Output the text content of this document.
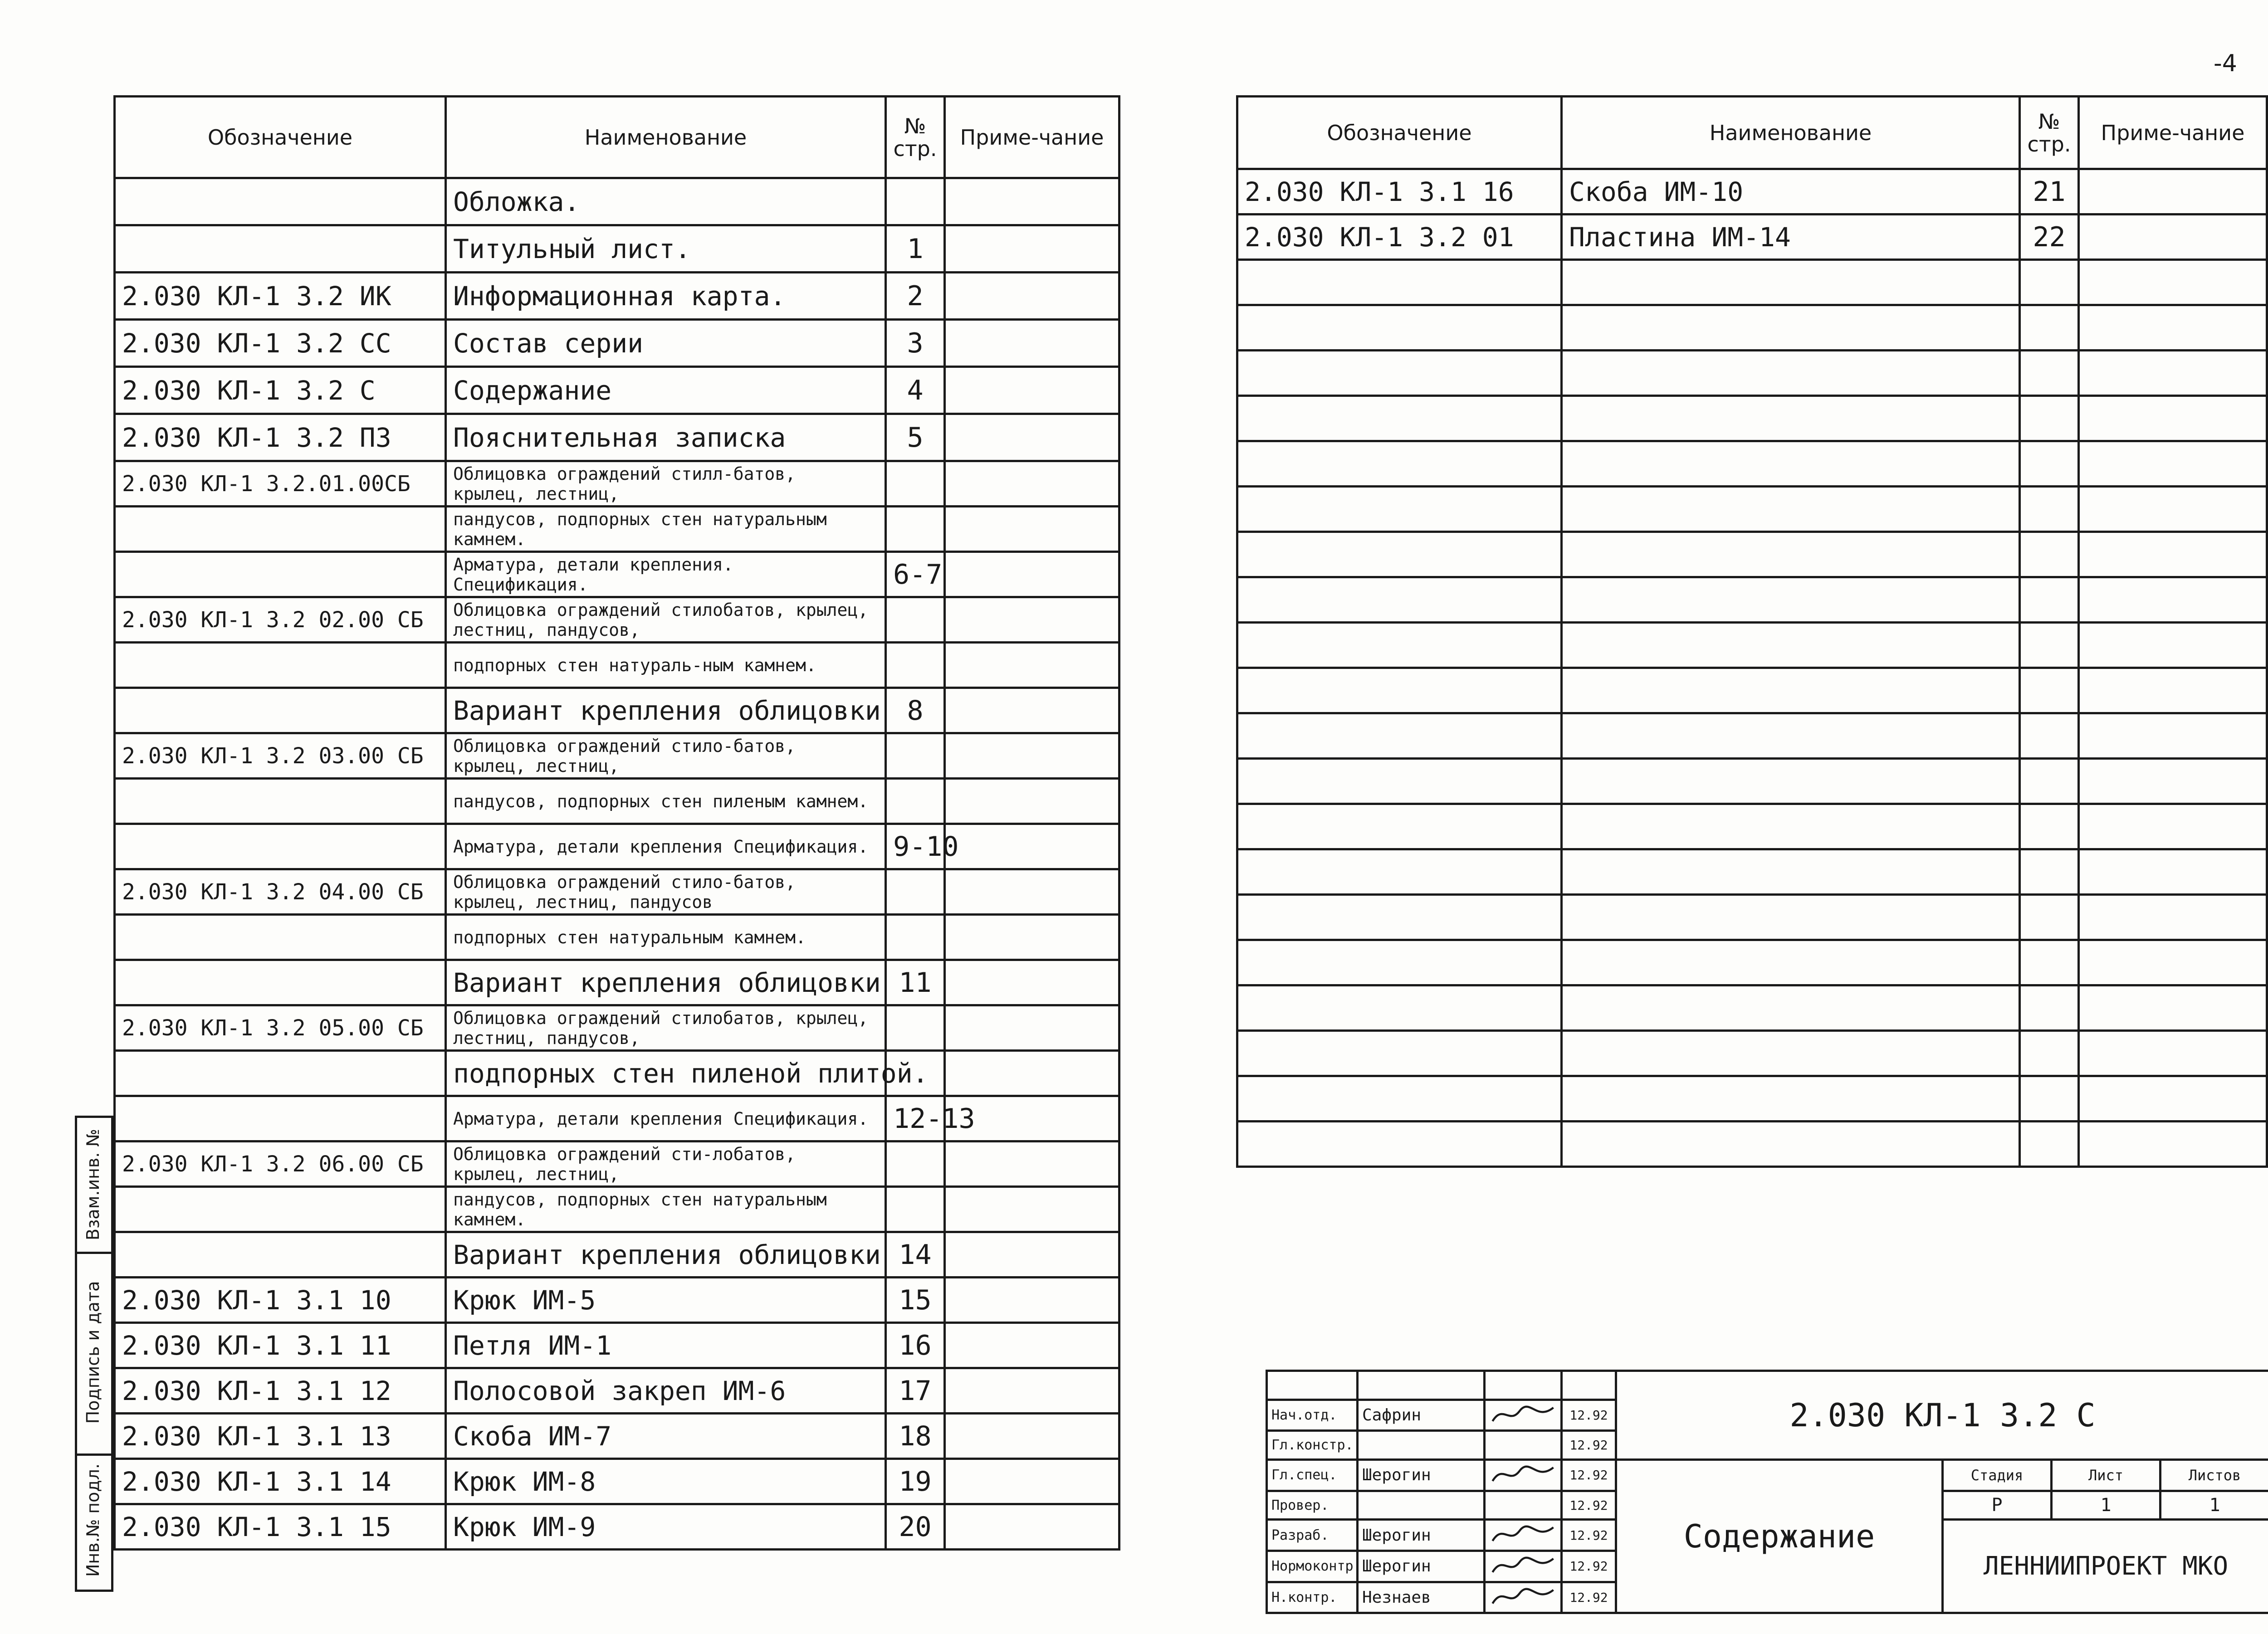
Обозначение	Наименование	№ стр.	Приме-чание
	Обложка.		
	Титульный лист.	1	
2.030 КЛ-1 3.2 ИК	Информационная карта.	2	
2.030 КЛ-1 3.2 СС	Состав серии	3	
2.030 КЛ-1 3.2 С	Содержание	4	
2.030 КЛ-1 3.2 ПЗ	Пояснительная записка	5	
2.030 КЛ-1 3.2.01.00СБ	Облицовка ограждений стилл-батов, крылец, лестниц,		
	пандусов, подпорных стен натуральным камнем.		
	Арматура, детали крепления. Спецификация.	6-7	
2.030 КЛ-1 3.2 02.00 СБ	Облицовка ограждений стилобатов, крылец, лестниц, пандусов,		
	подпорных стен натураль-ным камнем.		
	Вариант крепления облицовки	8	
2.030 КЛ-1 3.2 03.00 СБ	Облицовка ограждений стило-батов, крылец, лестниц,		
	пандусов, подпорных стен пиленым камнем.		
	Арматура, детали крепления Спецификация.	9-10	
2.030 КЛ-1 3.2 04.00 СБ	Облицовка ограждений стило-батов, крылец, лестниц, пандусов		
	подпорных стен натуральным камнем.		
	Вариант крепления облицовки	11	
2.030 КЛ-1 3.2 05.00 СБ	Облицовка ограждений стилобатов, крылец, лестниц, пандусов,		
	подпорных стен пиленой плитой.		
	Арматура, детали крепления Спецификация.	12-13	
2.030 КЛ-1 3.2 06.00 СБ	Облицовка ограждений сти-лобатов, крылец, лестниц,		
	пандусов, подпорных стен натуральным камнем.		
	Вариант крепления облицовки	14	
2.030 КЛ-1 3.1 10	Крюк ИМ-5	15	
2.030 КЛ-1 3.1 11	Петля ИМ-1	16	
2.030 КЛ-1 3.1 12	Полосовой закреп ИМ-6	17	
2.030 КЛ-1 3.1 13	Скоба ИМ-7	18	
2.030 КЛ-1 3.1 14	Крюк ИМ-8	19	
2.030 КЛ-1 3.1 15	Крюк ИМ-9	20	
Взам.инв. №
Подпись и дата
Инв.№ подл.
Обозначение	Наименование	№ стр.	Приме-чание
2.030 КЛ-1 3.1 16	Скоба ИМ-10	21	
2.030 КЛ-1 3.2 01	Пластина ИМ-14	22	

				2.030 КЛ-1 3.2 С			
Нач.отд.	Сафрин		12.92				
Гл.констр.			12.92				
Гл.спец.	Шерогин		12.92	Содержание	Стадия	Лист	Листов
Провер.			12.92		Р	1	1
Разраб.	Шерогин		12.92		ЛЕННИИПРОЕКТ МКО		
Нормоконтр.	Шерогин		12.92				
Н.контр.	Незнаев		12.92				
-4
